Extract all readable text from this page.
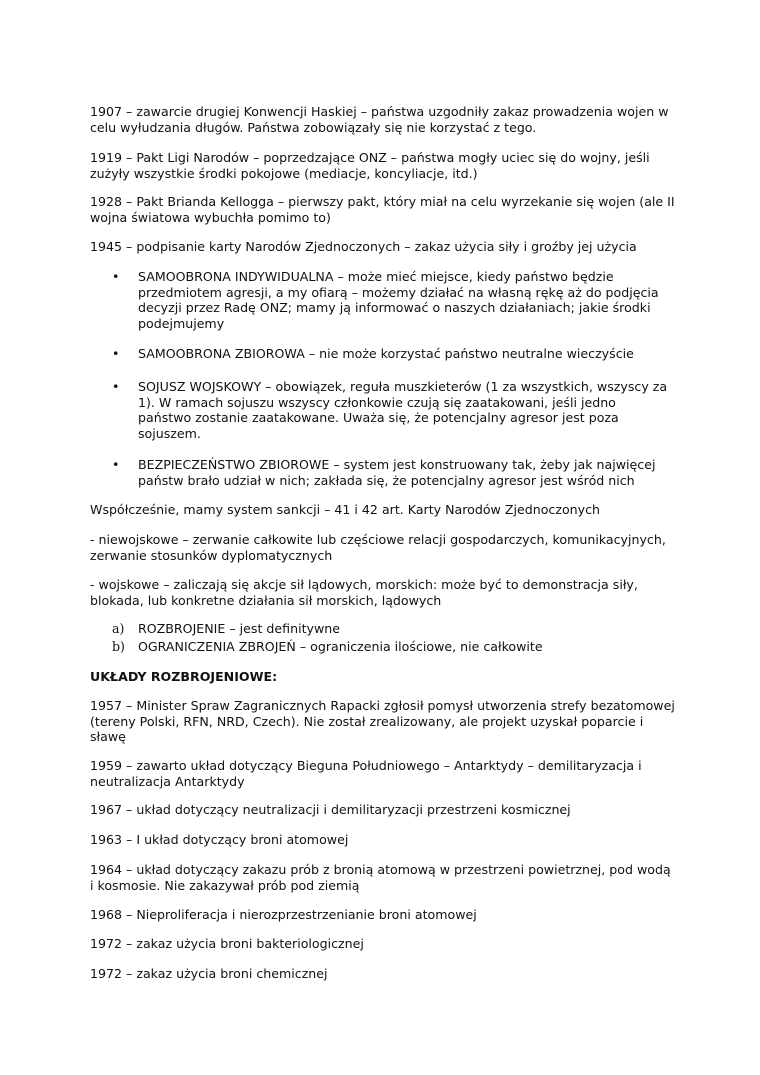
1907 – zawarcie drugiej Konwencji Haskiej – państwa uzgodniły zakaz prowadzenia wojen w celu wyłudzania długów. Państwa zobowiązały się nie korzystać z tego.

1919 – Pakt Ligi Narodów – poprzedzające ONZ – państwa mogły uciec się do wojny, jeśli zużyły wszystkie środki pokojowe (mediacje, koncyliacje, itd.)

1928 – Pakt Brianda Kellogga – pierwszy pakt, który miał na celu wyrzekanie się wojen (ale II wojna światowa wybuchła pomimo to)

1945 – podpisanie karty Narodów Zjednoczonych – zakaz użycia siły i groźby jej użycia

• SAMOOBRONA INDYWIDUALNA – może mieć miejsce, kiedy państwo będzie przedmiotem agresji, a my ofiarą – możemy działać na własną rękę aż do podjęcia decyzji przez Radę ONZ; mamy ją informować o naszych działaniach; jakie środki podejmujemy

• SAMOOBRONA ZBIOROWA – nie może korzystać państwo neutralne wieczyście

• SOJUSZ WOJSKOWY – obowiązek, reguła muszkieterów (1 za wszystkich, wszyscy za 1). W ramach sojuszu wszyscy członkowie czują się zaatakowani, jeśli jedno państwo zostanie zaatakowane. Uważa się, że potencjalny agresor jest poza sojuszem.

• BEZPIECZEŃSTWO ZBIOROWE – system jest konstruowany tak, żeby jak najwięcej państw brało udział w nich; zakłada się, że potencjalny agresor jest wśród nich

Współcześnie, mamy system sankcji – 41 i 42 art. Karty Narodów Zjednoczonych

- niewojskowe – zerwanie całkowite lub częściowe relacji gospodarczych, komunikacyjnych, zerwanie stosunków dyplomatycznych

- wojskowe – zaliczają się akcje sił lądowych, morskich: może być to demonstracja siły, blokada, lub konkretne działania sił morskich, lądowych

a) ROZBROJENIE – jest definitywne

b) OGRANICZENIA ZBROJEŃ – ograniczenia ilościowe, nie całkowite

UKŁADY ROZBROJENIOWE:

1957 – Minister Spraw Zagranicznych Rapacki zgłosił pomysł utworzenia strefy bezatomowej (tereny Polski, RFN, NRD, Czech). Nie został zrealizowany, ale projekt uzyskał poparcie i sławę

1959 – zawarto układ dotyczący Bieguna Południowego – Antarktydy – demilitaryzacja i neutralizacja Antarktydy

1967 – układ dotyczący neutralizacji i demilitaryzacji przestrzeni kosmicznej

1963 – I układ dotyczący broni atomowej

1964 – układ dotyczący zakazu prób z bronią atomową w przestrzeni powietrznej, pod wodą i kosmosie. Nie zakazywał prób pod ziemią

1968 – Nieproliferacja i nierozprzestrzenianie broni atomowej

1972 – zakaz użycia broni bakteriologicznej

1972 – zakaz użycia broni chemicznej
